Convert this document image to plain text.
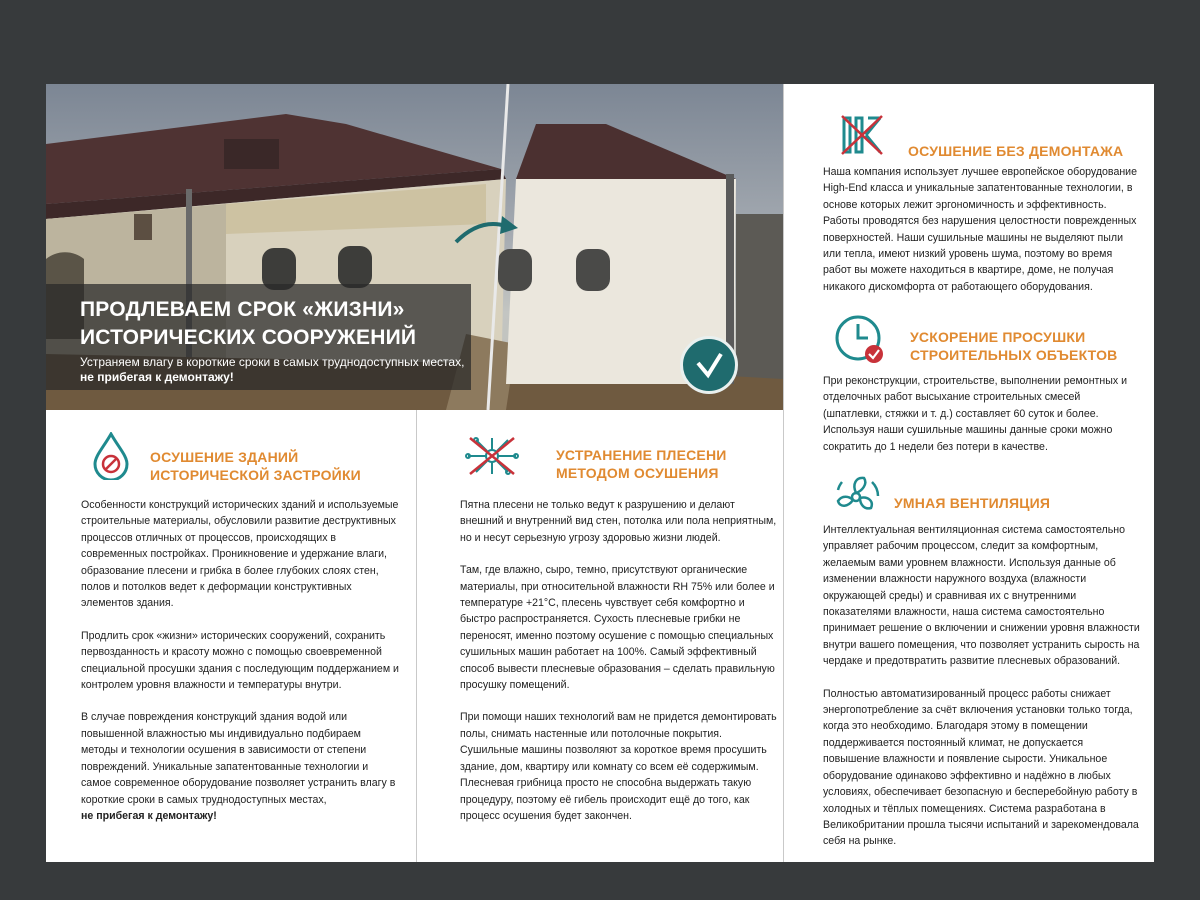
ПРОДЛЕВАЕМ СРОК «ЖИЗНИ»
ИСТОРИЧЕСКИХ СООРУЖЕНИЙ
Устраняем влагу в короткие сроки в самых труднодоступных местах,
не прибегая к демонтажу!
ОСУШЕНИЕ ЗДАНИЙ
ИСТОРИЧЕСКОЙ ЗАСТРОЙКИ
Особенности конструкций исторических зданий и используемые строительные материалы, обусловили развитие деструктивных процессов отличных от процессов, происходящих в современных постройках. Проникновение и удержание влаги, образование плесени и грибка в более глубоких слоях стен, полов и потолков ведет к деформации конструктивных элементов здания.
Продлить срок «жизни» исторических сооружений, сохранить первозданность и красоту можно с помощью своевременной специальной просушки здания с последующим поддержанием и контролем уровня влажности и температуры внутри.
В случае повреждения конструкций здания водой или повышенной влажностью мы индивидуально подбираем методы и технологии осушения в зависимости от степени повреждений. Уникальные запатентованные технологии и самое современное оборудование позволяет устранить влагу в короткие сроки в самых труднодоступных местах,
не прибегая к демонтажу!
УСТРАНЕНИЕ ПЛЕСЕНИ
МЕТОДОМ ОСУШЕНИЯ
Пятна плесени не только ведут к разрушению и делают внешний и внутренний вид стен, потолка или пола неприятным, но и несут серьезную угрозу здоровью жизни людей.
Там, где влажно, сыро, темно, присутствуют органические материалы, при относительной влажности RH 75% или более и температуре +21°C, плесень чувствует себя комфортно и быстро распространяется. Сухость плесневые грибки не переносят, именно поэтому осушение с помощью специальных сушильных машин работает на 100%. Самый эффективный способ вывести плесневые образования – сделать правильную просушку помещений.
При помощи наших технологий вам не придется демонтировать полы, снимать настенные или потолочные покрытия. Сушильные машины позволяют за короткое время просушить здание, дом, квартиру или комнату со всем её содержимым. Плесневая грибница просто не способна выдержать такую процедуру, поэтому её гибель происходит ещё до того, как процесс осушения будет закончен.
ОСУШЕНИЕ БЕЗ ДЕМОНТАЖА
Наша компания использует лучшее европейское оборудование High-End класса и уникальные запатентованные технологии, в основе которых лежит эргономичность и эффективность. Работы проводятся без нарушения целостности поврежденных поверхностей. Наши сушильные машины не выделяют пыли или тепла, имеют низкий уровень шума, поэтому во время работ вы можете находиться в квартире, доме, не получая никакого дискомфорта от работающего оборудования.
УСКОРЕНИЕ ПРОСУШКИ
СТРОИТЕЛЬНЫХ ОБЪЕКТОВ
При реконструкции, строительстве, выполнении ремонтных и отделочных работ высыхание строительных смесей (шпатлевки, стяжки и т. д.) составляет 60 суток и более. Используя наши сушильные машины данные сроки можно сократить до 1 недели без потери в качестве.
УМНАЯ ВЕНТИЛЯЦИЯ
Интеллектуальная вентиляционная система самостоятельно управляет рабочим процессом, следит за комфортным, желаемым вами уровнем влажности. Используя данные об изменении влажности наружного воздуха (влажности окружающей среды) и сравнивая их с внутренними показателями влажности, наша система самостоятельно принимает решение о включении и снижении уровня влажности внутри вашего помещения, что позволяет устранить сырость на чердаке и предотвратить развитие плесневых образований.
Полностью автоматизированный процесс работы снижает энергопотребление за счёт включения установки только тогда, когда это необходимо. Благодаря этому в помещении поддерживается постоянный климат, не допускается повышение влажности и появление сырости. Уникальное оборудование одинаково эффективно и надёжно в любых условиях, обеспечивает безопасную и бесперебойную работу в холодных и тёплых помещениях. Система разработана в Великобритании прошла тысячи испытаний и зарекомендовала себя на рынке.
